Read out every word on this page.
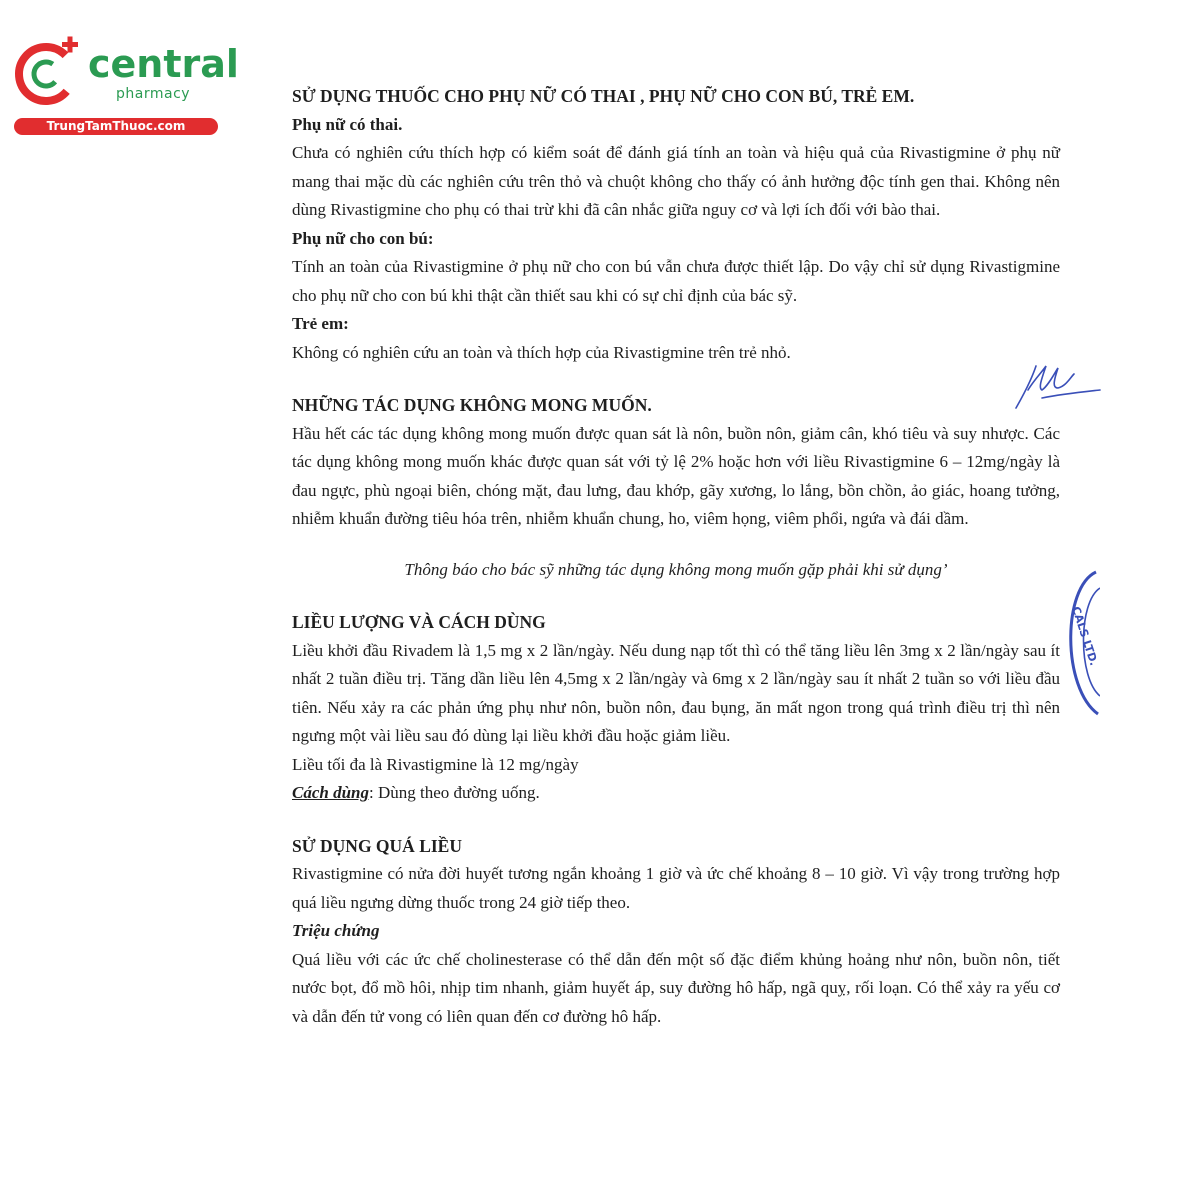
central
pharmacy
TrungTamThuoc.com

SỬ DỤNG THUỐC CHO PHỤ NỮ CÓ THAI , PHỤ NỮ CHO CON BÚ, TRẺ EM.

Phụ nữ có thai.

Chưa có nghiên cứu thích hợp có kiểm soát để đánh giá tính an toàn và hiệu quả của Rivastigmine ở phụ nữ mang thai mặc dù các nghiên cứu trên thỏ và chuột không cho thấy có ảnh hưởng độc tính gen thai. Không nên dùng Rivastigmine cho phụ có thai trừ khi đã cân nhắc giữa nguy cơ và lợi ích đối với bào thai.

Phụ nữ cho con bú:

Tính an toàn của Rivastigmine ở phụ nữ cho con bú vẫn chưa được thiết lập. Do vậy chỉ sử dụng Rivastigmine cho phụ nữ cho con bú khi thật cần thiết sau khi có sự chỉ định của bác sỹ.

Trẻ em:

Không có nghiên cứu an toàn và thích hợp của Rivastigmine trên trẻ nhỏ.

NHỮNG TÁC DỤNG KHÔNG MONG MUỐN.

Hầu hết các tác dụng không mong muốn được quan sát là nôn, buồn nôn, giảm cân, khó tiêu và suy nhược. Các tác dụng không mong muốn khác được quan sát với tỷ lệ 2% hoặc hơn với liều Rivastigmine 6 – 12mg/ngày là đau ngực, phù ngoại biên, chóng mặt, đau lưng, đau khớp, gãy xương, lo lắng, bồn chồn, ảo giác, hoang tưởng, nhiễm khuẩn đường tiêu hóa trên, nhiễm khuẩn chung, ho, viêm họng, viêm phổi, ngứa và đái dầm.

Thông báo cho bác sỹ những tác dụng không mong muốn gặp phải khi sử dụng’

LIỀU LƯỢNG VÀ CÁCH DÙNG

Liều khởi đầu Rivadem là 1,5 mg x 2 lần/ngày. Nếu dung nạp tốt thì có thể tăng liều lên 3mg x 2 lần/ngày sau ít nhất 2 tuần điều trị. Tăng dần liều lên 4,5mg x 2 lần/ngày và 6mg x 2 lần/ngày sau ít nhất 2 tuần so với liều đầu tiên. Nếu xảy ra các phản ứng phụ như nôn, buồn nôn, đau bụng, ăn mất ngon trong quá trình điều trị thì nên ngưng một vài liều sau đó dùng lại liều khởi đầu hoặc giảm liều.

Liều tối đa là Rivastigmine là 12 mg/ngày

Cách dùng: Dùng theo đường uống.

SỬ DỤNG QUÁ LIỀU

Rivastigmine có nửa đời huyết tương ngắn khoảng 1 giờ và ức chế khoảng 8 – 10 giờ. Vì vậy trong trường hợp quá liều ngưng dừng thuốc trong 24 giờ tiếp theo.

Triệu chứng

Quá liều với các ức chế cholinesterase có thể dẫn đến một số đặc điểm khủng hoảng như nôn, buồn nôn, tiết nước bọt, đổ mồ hôi, nhịp tim nhanh, giảm huyết áp, suy đường hô hấp, ngã quỵ, rối loạn. Có thể xảy ra yếu cơ và dẫn đến tử vong có liên quan đến cơ đường hô hấp.

CALS LTD.
